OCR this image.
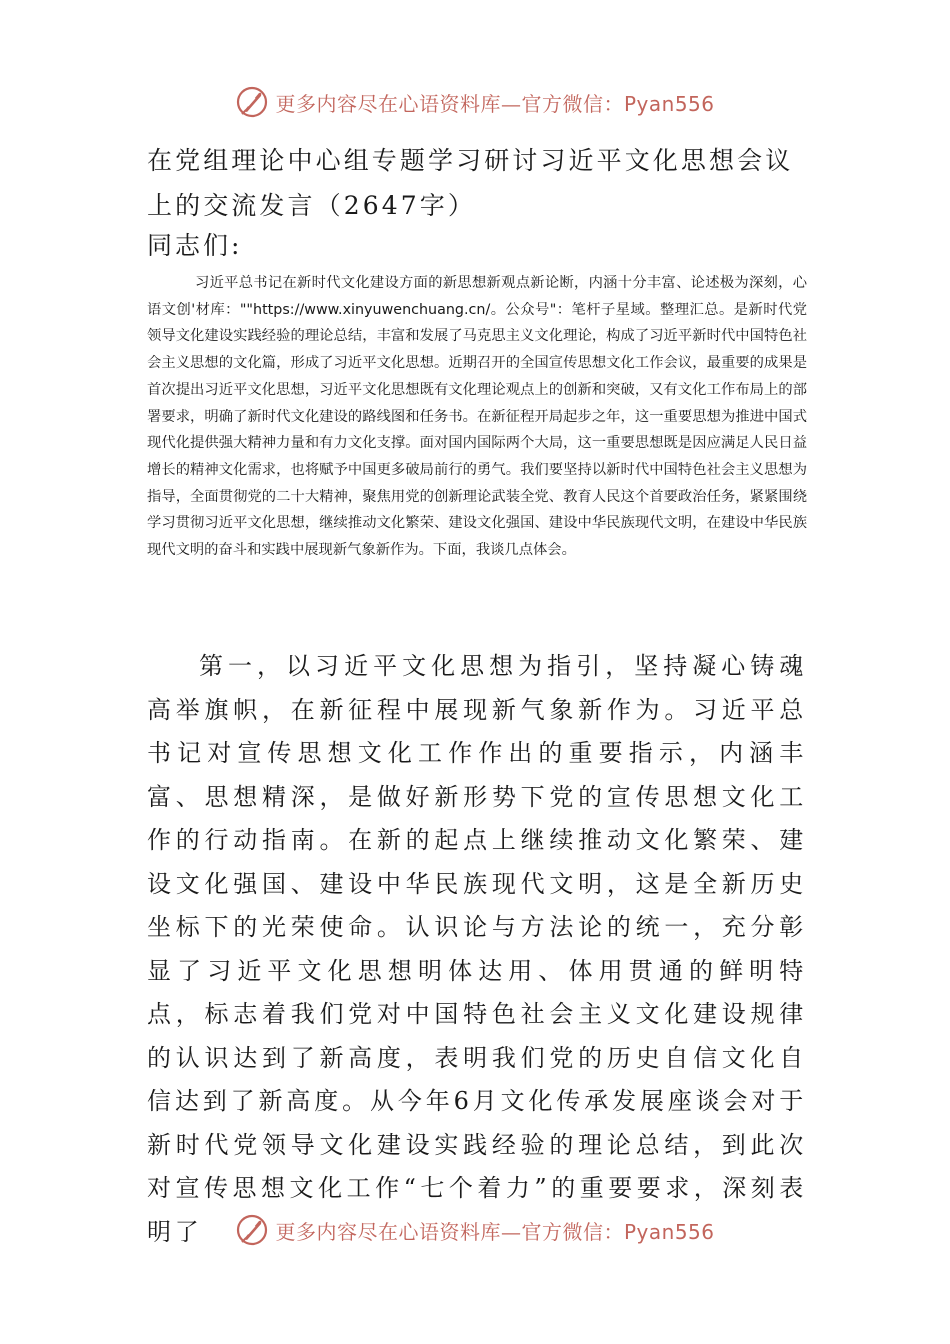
更多内容尽在心语资料库—官方微信：Pyan556
在党组理论中心组专题学习研讨习近平文化思想会议上的交流发言（2647字）
同志们:
习近平总书记在新时代文化建设方面的新思想新观点新论断，内涵十分丰富、论述极为深刻，心语文创'材库：""https://www.xinyuwenchuang.cn/。公众号"：笔杆子星域。整理汇总。是新时代党领导文化建设实践经验的理论总结，丰富和发展了马克思主义文化理论，构成了习近平新时代中国特色社会主义思想的文化篇，形成了习近平文化思想。近期召开的全国宣传思想文化工作会议，最重要的成果是首次提出习近平文化思想，习近平文化思想既有文化理论观点上的创新和突破，又有文化工作布局上的部署要求，明确了新时代文化建设的路线图和任务书。在新征程开局起步之年，这一重要思想为推进中国式现代化提供强大精神力量和有力文化支撑。面对国内国际两个大局，这一重要思想既是因应满足人民日益增长的精神文化需求，也将赋予中国更多破局前行的勇气。我们要坚持以新时代中国特色社会主义思想为指导，全面贯彻党的二十大精神，聚焦用党的创新理论武装全党、教育人民这个首要政治任务，紧紧围绕学习贯彻习近平文化思想，继续推动文化繁荣、建设文化强国、建设中华民族现代文明，在建设中华民族现代文明的奋斗和实践中展现新气象新作为。下面，我谈几点体会。
第一，以习近平文化思想为指引，坚持凝心铸魂高举旗帜，在新征程中展现新气象新作为。习近平总书记对宣传思想文化工作作出的重要指示，内涵丰富、思想精深，是做好新形势下党的宣传思想文化工作的行动指南。在新的起点上继续推动文化繁荣、建设文化强国、建设中华民族现代文明，这是全新历史坐标下的光荣使命。认识论与方法论的统一，充分彰显了习近平文化思想明体达用、体用贯通的鲜明特点，标志着我们党对中国特色社会主义文化建设规律的认识达到了新高度，表明我们党的历史自信文化自信达到了新高度。从今年6月文化传承发展座谈会对于新时代党领导文化建设实践经验的理论总结，到此次对宣传思想文化工作“七个着力”的重要要求，深刻表明了	更多内容尽在心语资料库—官方微信：Pyan556
